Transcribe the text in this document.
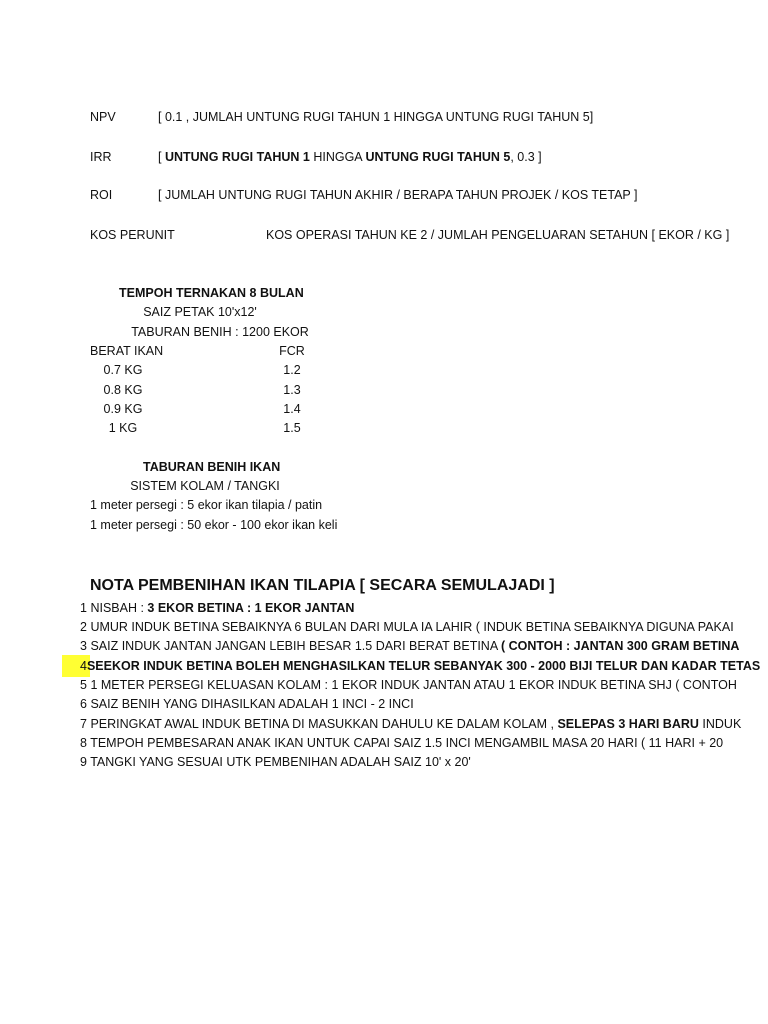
NPV	[ 0.1 , JUMLAH UNTUNG RUGI TAHUN 1 HINGGA UNTUNG RUGI TAHUN 5]
IRR	[ UNTUNG RUGI TAHUN 1 HINGGA UNTUNG RUGI TAHUN 5, 0.3 ]
ROI	[ JUMLAH UNTUNG RUGI TAHUN AKHIR / BERAPA TAHUN PROJEK / KOS TETAP ]
KOS PERUNIT	KOS OPERASI TAHUN KE 2 / JUMLAH PENGELUARAN SETAHUN [ EKOR / KG ]
TEMPOH TERNAKAN 8 BULAN
SAIZ PETAK 10'x12'
TABURAN BENIH : 1200 EKOR
BERAT IKAN	FCR
0.7 KG	1.2
0.8 KG	1.3
0.9 KG	1.4
1 KG	1.5
TABURAN BENIH IKAN
SISTEM KOLAM / TANGKI
1 meter persegi : 5 ekor ikan tilapia / patin
1 meter persegi : 50 ekor - 100 ekor ikan keli
NOTA PEMBENIHAN IKAN TILAPIA [ SECARA SEMULAJADI ]
1 NISBAH : 3 EKOR BETINA : 1 EKOR JANTAN
2 UMUR INDUK BETINA SEBAIKNYA 6 BULAN DARI MULA IA LAHIR ( INDUK BETINA SEBAIKNYA DIGUNA PAKAI
3 SAIZ INDUK JANTAN JANGAN LEBIH BESAR 1.5 DARI BERAT BETINA ( CONTOH : JANTAN 300 GRAM BETINA
4SEEKOR INDUK BETINA BOLEH MENGHASILKAN TELUR SEBANYAK 300 - 2000 BIJI TELUR DAN KADAR TETAS
5 1 METER PERSEGI KELUASAN KOLAM : 1 EKOR INDUK JANTAN ATAU 1 EKOR INDUK BETINA SHJ ( CONTOH
6 SAIZ BENIH YANG DIHASILKAN ADALAH 1 INCI - 2 INCI
7 PERINGKAT AWAL INDUK BETINA DI MASUKKAN DAHULU KE DALAM KOLAM , SELEPAS 3 HARI BARU INDUK
8 TEMPOH PEMBESARAN ANAK IKAN UNTUK CAPAI SAIZ 1.5 INCI MENGAMBIL MASA 20 HARI ( 11 HARI + 20
9 TANGKI YANG SESUAI UTK PEMBENIHAN ADALAH SAIZ 10' x 20'
